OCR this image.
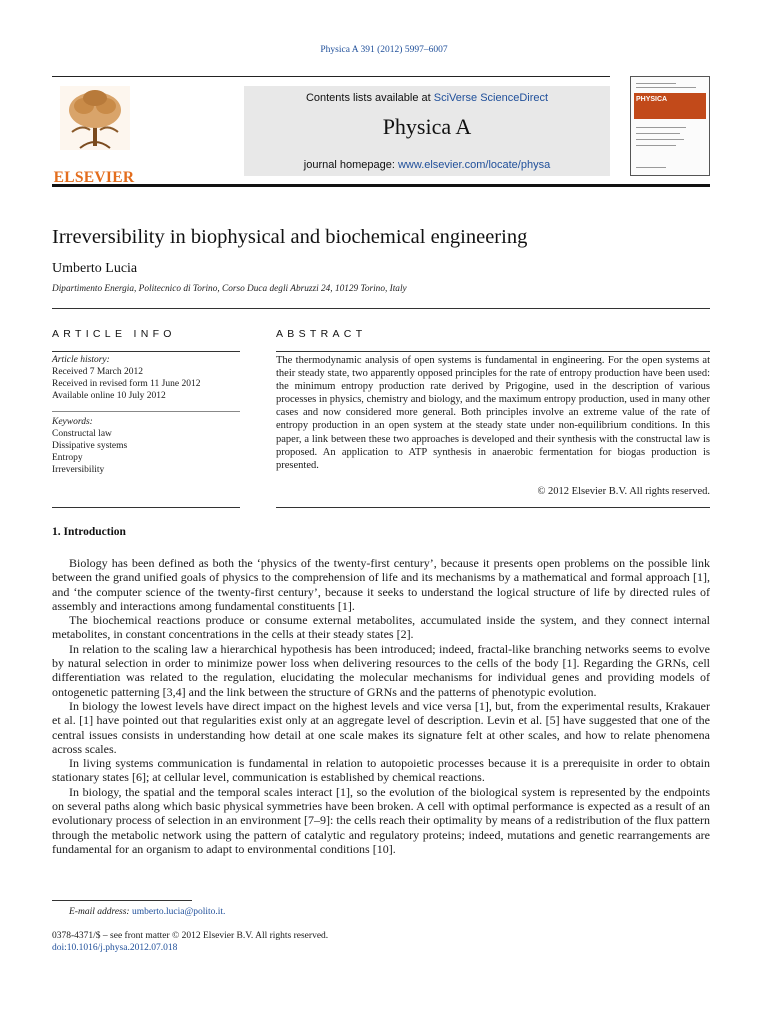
Physica A 391 (2012) 5997–6007
ELSEVIER
Contents lists available at SciVerse ScienceDirect
Physica A
journal homepage: www.elsevier.com/locate/physa
PHYSICA
Irreversibility in biophysical and biochemical engineering
Umberto Lucia
Dipartimento Energia, Politecnico di Torino, Corso Duca degli Abruzzi 24, 10129 Torino, Italy
ARTICLE INFO
Article history:
Received 7 March 2012
Received in revised form 11 June 2012
Available online 10 July 2012
Keywords:
Constructal law
Dissipative systems
Entropy
Irreversibility
ABSTRACT
The thermodynamic analysis of open systems is fundamental in engineering. For the open systems at their steady state, two apparently opposed principles for the rate of entropy production have been used: the minimum entropy production rate derived by Prigogine, used in the description of various processes in physics, chemistry and biology, and the maximum entropy production, used in many other cases and now considered more general. Both principles involve an extreme value of the rate of entropy production in an open system at the steady state under non-equilibrium conditions. In this paper, a link between these two approaches is developed and their synthesis with the constructal law is proposed. An application to ATP synthesis in anaerobic fermentation for biogas production is presented.
© 2012 Elsevier B.V. All rights reserved.
1. Introduction

Biology has been defined as both the ‘physics of the twenty-first century’, because it presents open problems on the possible link between the grand unified goals of physics to the comprehension of life and its mechanisms by a mathematical and formal approach [1], and ‘the computer science of the twenty-first century’, because it seeks to understand the logical structure of life by directed rules of assembly and interactions among fundamental constituents [1].

The biochemical reactions produce or consume external metabolites, accumulated inside the system, and they connect internal metabolites, in constant concentrations in the cells at their steady states [2].

In relation to the scaling law a hierarchical hypothesis has been introduced; indeed, fractal-like branching networks seems to evolve by natural selection in order to minimize power loss when delivering resources to the cells of the body [1]. Regarding the GRNs, cell differentiation was related to the regulation, elucidating the molecular mechanisms for individual genes and providing models of ontogenetic patterning [3,4] and the link between the structure of GRNs and the patterns of phenotypic evolution.

In biology the lowest levels have direct impact on the highest levels and vice versa [1], but, from the experimental results, Krakauer et al. [1] have pointed out that regularities exist only at an aggregate level of description. Levin et al. [5] have suggested that one of the central issues consists in understanding how detail at one scale makes its signature felt at other scales, and how to relate phenomena across scales.

In living systems communication is fundamental in relation to autopoietic processes because it is a prerequisite in order to obtain stationary states [6]; at cellular level, communication is established by chemical reactions.

In biology, the spatial and the temporal scales interact [1], so the evolution of the biological system is represented by the endpoints on several paths along which basic physical symmetries have been broken. A cell with optimal performance is expected as a result of an evolutionary process of selection in an environment [7–9]: the cells reach their optimality by means of a redistribution of the flux pattern through the metabolic network using the pattern of catalytic and regulatory proteins; indeed, mutations and genetic rearrangements are fundamental for an organism to adapt to environmental conditions [10].

E-mail address: umberto.lucia@polito.it.
0378-4371/$ – see front matter © 2012 Elsevier B.V. All rights reserved.
doi:10.1016/j.physa.2012.07.018
